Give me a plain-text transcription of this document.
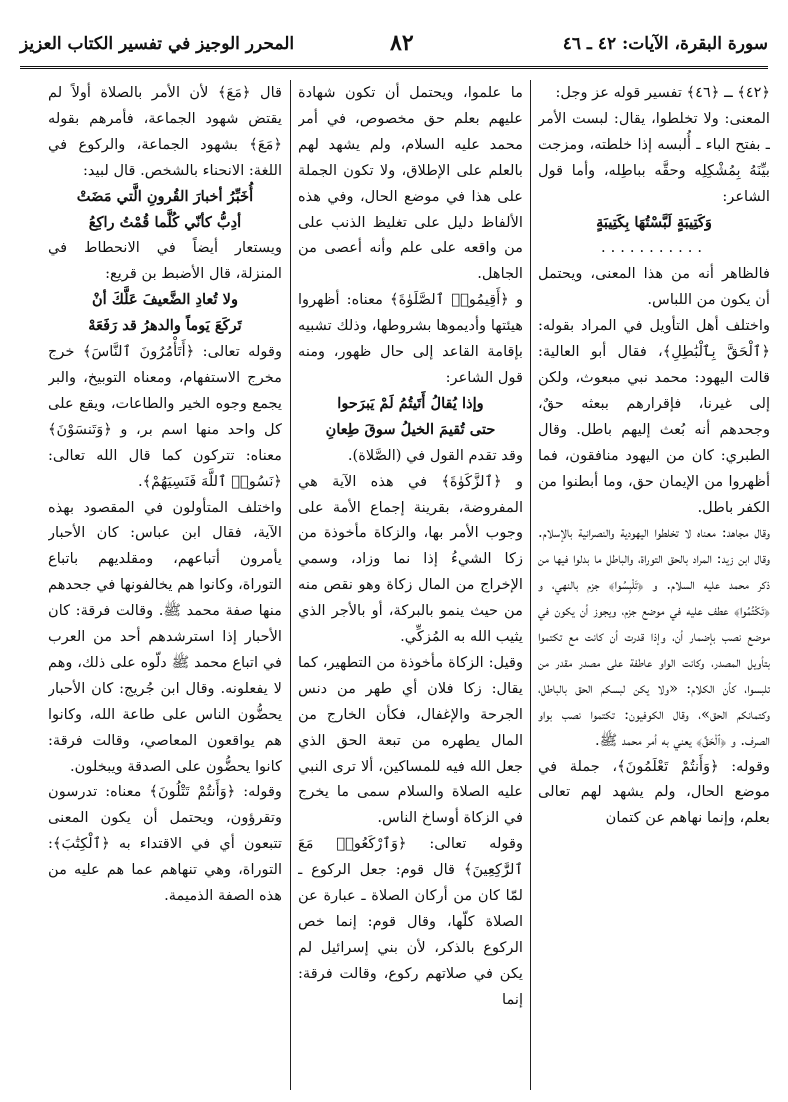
سورة البقرة، الآيات: ٤٢ ـ ٤٦
٨٢
المحرر الوجيز في تفسير الكتاب العزيز

﴿٤٢﴾ ـ ﴿٤٦﴾ تفسير قوله عز وجل:

المعنى: ولا تخلطوا، يقال: لبست الأمر ـ بفتح الباء ـ أُلبسه إذا خلطته، ومزجت بيِّنَهُ بِمُشْكِلِه وحقَّه بباطِله، وأما قول الشاعر:

وَكَتِيبَةٍ لَبَّسْتُهَا بِكَتِيبَةٍ

...........

فالظاهر أنه من هذا المعنى، ويحتمل أن يكون من اللباس.

واختلف أهل التأويل في المراد بقوله: ﴿ٱلْحَقَّ بِٱلْبَٰطِلِ﴾، فقال أبو العالية: قالت اليهود: محمد نبي مبعوث، ولكن إلى غيرنا، فإقرارهم ببعثه حقٌ، وجحدهم أنه بُعث إليهم باطل. وقال الطبري: كان من اليهود منافقون، فما أظهروا من الإيمان حق، وما أبطنوا من الكفر باطل.

وقال مجاهد: معناه لا تخلطوا اليهودية والنصرانية بالإسلام. وقال ابن زيد: المراد بالحق التوراة، والباطل ما بدلوا فيها من ذكر محمد عليه السلام. و ﴿تَلْبِسُوا﴾ جزم بالنهي، و ﴿تَكْتُمُوا﴾ عطف عليه في موضع جزم، ويجوز أن يكون في موضع نصب بإضمار أن، وإذا قدرت أن كانت مع تكتموا بتأويل المصدر، وكانت الواو عاطفة على مصدر مقدر من تلبسوا، كأن الكلام: «ولا يكن لبسكم الحق بالباطل، وكتمانكم الحق»، وقال الكوفيون: تكتموا نصب بواو الصرف. و ﴿ٱلْحَقَّ﴾ يعني به أمر محمد ﷺ.

وقوله: ﴿وَأَنتُمْ تَعْلَمُونَ﴾، جملة في موضع الحال، ولم يشهد لهم تعالى بعلم، وإنما نهاهم عن كتمان

ما علموا، ويحتمل أن تكون شهادة عليهم بعلم حق مخصوص، في أمر محمد عليه السلام، ولم يشهد لهم بالعلم على الإطلاق، ولا تكون الجملة على هذا في موضع الحال، وفي هذه الألفاظ دليل على تغليظ الذنب على من واقعه على علم وأنه أعصى من الجاهل.

و ﴿أَقِيمُوا۟ ٱلصَّلَوٰةَ﴾ معناه: أظهروا هيئتها وأديموها بشروطها، وذلك تشبيه بإقامة القاعد إلى حال ظهور، ومنه قول الشاعر:

وإذا يُقالُ أَتَيتُمُ لَمْ يَبرَحوا

حتى تُقيمَ الخيلُ سوقَ طِعانِ

وقد تقدم القول في (الصَّلاة).

و ﴿ٱلزَّكَوٰةَ﴾ في هذه الآية هي المفروضة، بقرينة إجماع الأمة على وجوب الأمر بها، والزكاة مأخوذة من زكا الشيءُ إذا نما وزاد، وسمي الإخراج من المال زكاة وهو نقص منه من حيث ينمو بالبركة، أو بالأجر الذي يثيب الله به المُزكِّي.

وقيل: الزكاة مأخوذة من التطهير، كما يقال: زكا فلان أي طهر من دنس الجرحة والإغفال، فكأن الخارج من المال يطهره من تبعة الحق الذي جعل الله فيه للمساكين، ألا ترى النبي عليه الصلاة والسلام سمى ما يخرج في الزكاة أوساخ الناس.

وقوله تعالى: ﴿وَٱرْكَعُوا۟ مَعَ ٱلرَّٰكِعِينَ﴾ قال قوم: جعل الركوع ـ لمّا كان من أركان الصلاة ـ عبارة عن الصلاة كلّها، وقال قوم: إنما خص الركوع بالذكر، لأن بني إسرائيل لم يكن في صلاتهم ركوع، وقالت فرقة: إنما

قال ﴿مَعَ﴾ لأن الأمر بالصلاة أولاً لم يقتض شهود الجماعة، فأمرهم بقوله ﴿مَعَ﴾ بشهود الجماعة، والركوع في اللغة: الانحناء بالشخص. قال لبيد:

أُخَبِّرُ أخبارَ القُرونِ الَّتي مَضَتْ

أدِبُّ كأنّي كُلَّما قُمْتُ راكِعُ

ويستعار أيضاً في الانحطاط في المنزلة، قال الأضبط بن قريع:

ولا تُعادِ الضَّعيفَ عَلَّكَ أنْ

تَركَعَ يَوماً والدهرُ قد رَفَعَهْ

وقوله تعالى: ﴿أَتَأْمُرُونَ ٱلنَّاسَ﴾ خرج مخرج الاستفهام، ومعناه التوبيخ، والبر يجمع وجوه الخير والطاعات، ويقع على كل واحد منها اسم بر، و ﴿وَتَنسَوْنَ﴾ معناه: تتركون كما قال الله تعالى: ﴿نَسُوا۟ ٱللَّهَ فَنَسِيَهُمْ﴾.

واختلف المتأولون في المقصود بهذه الآية، فقال ابن عباس: كان الأحبار يأمرون أتباعهم، ومقلديهم باتباع التوراة، وكانوا هم يخالفونها في جحدهم منها صفة محمد ﷺ. وقالت فرقة: كان الأحبار إذا استرشدهم أحد من العرب في اتباع محمد ﷺ دلّوه على ذلك، وهم لا يفعلونه. وقال ابن جُريج: كان الأحبار يحضُّون الناس على طاعة الله، وكانوا هم يواقعون المعاصي، وقالت فرقة: كانوا يحضُّون على الصدقة ويبخلون.

وقوله: ﴿وَأَنتُمْ تَتْلُونَ﴾ معناه: تدرسون وتقرؤون، ويحتمل أن يكون المعنى تتبعون أي في الاقتداء به ﴿ٱلْكِتَٰبَ﴾: التوراة، وهي تنهاهم عما هم عليه من هذه الصفة الذميمة.
